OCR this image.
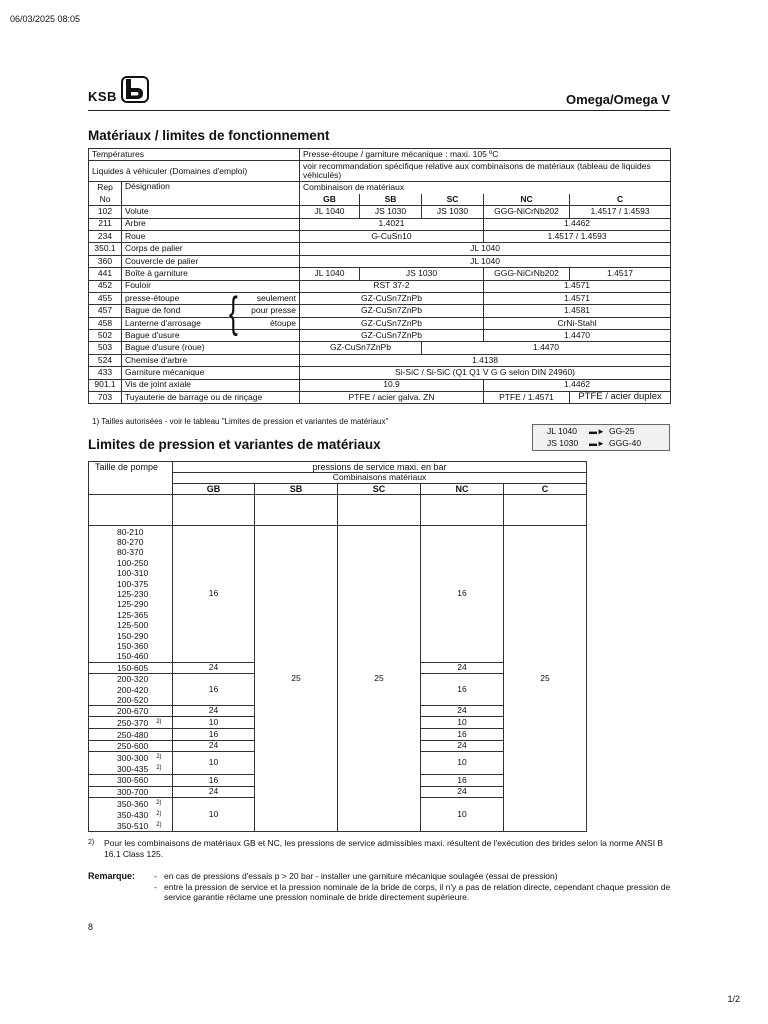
06/03/2025 08:05
KSB	Omega/Omega V
Matériaux / limites de fonctionnement
Températures			Presse-étoupe / garniture mécanique : maxi. 105 ºC				
Liquides à véhiculer (Domaines d'emploi)			voir recommandation spécifique relative aux combinaisons de matériaux (tableau de liquides véhiculés)				
Rep	Désignation		Combinaison de matériaux				
No			GB	SB	SC	NC	C
102	Volute		JL 1040	JS 1030	JS 1030	GGG-NiCrNb202	1.4517 / 1.4593
211	Arbre		1.4021			1.4462	
234	Roue		G-CuSn10			1.4517 / 1.4593	
350.1	Corps de palier		JL 1040				
360	Couvercle de palier		JL 1040				
441	Boîte à garniture		JL 1040	JS 1030		GGG-NiCrNb202	1.4517
452	Fouloir		RST 37-2			1.4571	
455	presse-étoupe	{ seulement	GZ-CuSn7ZnPb			1.4571	
457	Bague de fond	pour presse	GZ-CuSn7ZnPb			1.4581	
458	Lanterne d'arrosage	étoupe	GZ-CuSn7ZnPb			CrNi-Stahl	
502	Bague d'usure		GZ-CuSn7ZnPb			1.4470	
503	Bague d'usure (roue)		GZ-CuSn7ZnPb		1.4470		
524	Chemise d'arbre		1.4138				
433	Garniture mécanique		Si-SiC / Si-SiC (Q1 Q1 V G G selon DIN 24960)				
901.1	Vis de joint axiale		10.9			1.4462	
703	Tuyauterie de barrage ou de rinçage		PTFE / acier galva. ZN			PTFE / 1.4571	PTFE / acier duplex
1) Tailles autorisées - voir le tableau "Limites de pression et variantes de matériaux"
JL 1040	▬► GG-25
JS 1030	▬► GGG-40
Limites de pression et variantes de matériaux
Taille de pompe	pressions de service maxi. en bar				
	Combinaisons matériaux				
	GB	SB	SC	NC	C

80-210	16	25	25	16	25
80-270					
80-370					
100-250					
100-310					
100-375					
125-230					
125-290					
125-365					
125-500					
150-290					
150-360					
150-460					
150-605	24			24	
200-320	16			16	
200-420					
200-520					
200-670	24			24	
250-370 $^{2)}$	10			10	
250-480	16			16	
250-600	24			24	
300-300 $^{2)}$	10			10	
300-435 $^{2)}$
300-560	16			16	
300-700	24			24	
350-360 $^{2)}$	10			10	
350-430 $^{2)}$
350-510 $^{2)}$
2) Pour les combinaisons de matériaux GB et NC, les pressions de service admissibles maxi. résultent de l'exécution des brides selon la norme ANSI B 16.1 Class 125.
Remarque: - en cas de pressions d'essais p > 20 bar - installer une garniture mécanique soulagée (essai de pression)
- entre la pression de service et la pression nominale de la bride de corps, il n'y a pas de relation directe, cependant chaque pression de service garantie réclame une pression nominale de bride directement supérieure.
8
1/2
